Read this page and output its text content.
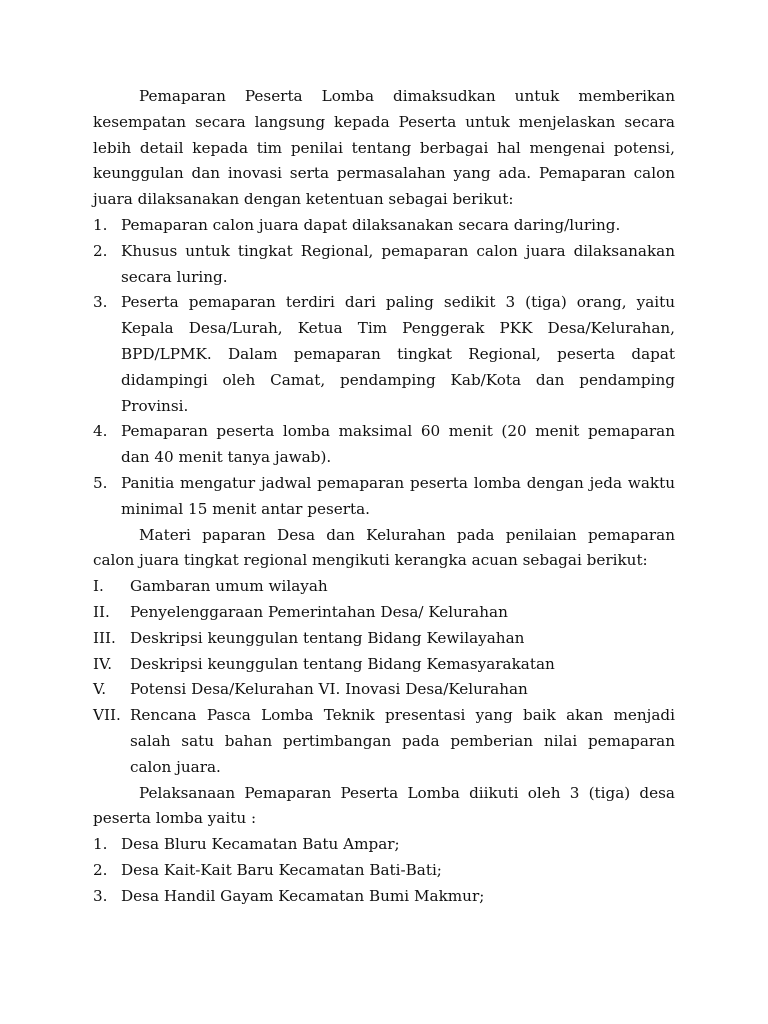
Pemaparan Peserta Lomba dimaksudkan untuk memberikan kesempatan secara langsung kepada Peserta untuk menjelaskan secara lebih detail kepada tim penilai tentang berbagai hal mengenai potensi, keunggulan dan inovasi serta permasalahan yang ada. Pemaparan calon juara dilaksanakan dengan ketentuan sebagai berikut:

1. Pemaparan calon juara dapat dilaksanakan secara daring/luring.
2. Khusus untuk tingkat Regional, pemaparan calon juara dilaksanakan secara luring.
3. Peserta pemaparan terdiri dari paling sedikit 3 (tiga) orang, yaitu Kepala Desa/Lurah, Ketua Tim Penggerak PKK Desa/Kelurahan, BPD/LPMK. Dalam pemaparan tingkat Regional, peserta dapat didampingi oleh Camat, pendamping Kab/Kota dan pendamping Provinsi.
4. Pemaparan peserta lomba maksimal 60 menit (20 menit pemaparan dan 40 menit tanya jawab).
5. Panitia mengatur jadwal pemaparan peserta lomba dengan jeda waktu minimal 15 menit antar peserta.

Materi paparan Desa dan Kelurahan pada penilaian pemaparan calon juara tingkat regional mengikuti kerangka acuan sebagai berikut:

I.	Gambaran umum wilayah
II.	Penyelenggaraan Pemerintahan Desa/ Kelurahan
III. Deskripsi keunggulan tentang Bidang Kewilayahan
IV.	Deskripsi keunggulan tentang Bidang Kemasyarakatan
V.	Potensi Desa/Kelurahan VI. Inovasi Desa/Kelurahan
VII. Rencana Pasca Lomba Teknik presentasi yang baik akan menjadi salah satu bahan pertimbangan pada pemberian nilai pemaparan calon juara.

Pelaksanaan Pemaparan Peserta Lomba diikuti oleh 3 (tiga) desa peserta lomba yaitu :

1. Desa Bluru Kecamatan Batu Ampar;
2. Desa Kait-Kait Baru Kecamatan Bati-Bati;
3. Desa Handil Gayam Kecamatan Bumi Makmur;
